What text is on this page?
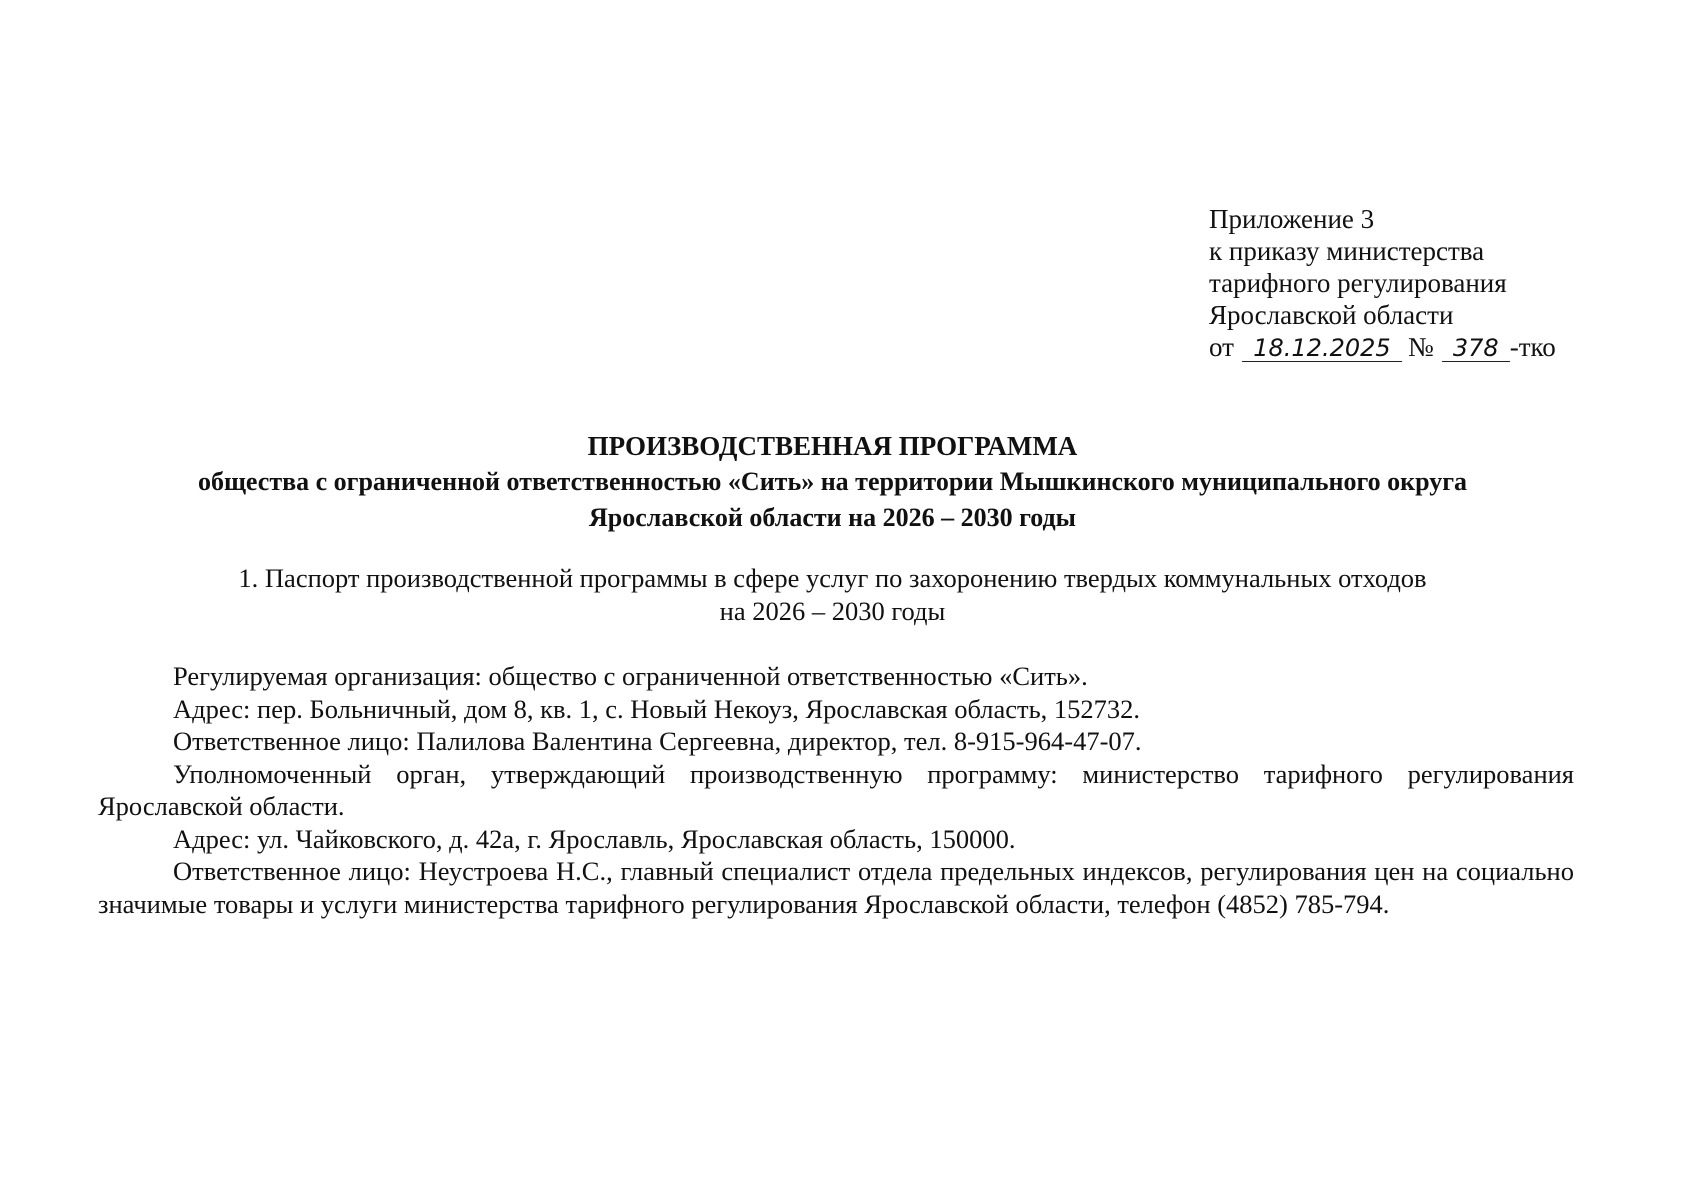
Приложение 3
к приказу министерства
тарифного регулирования
Ярославской области
от 18.12.2025 № 378 -тко
ПРОИЗВОДСТВЕННАЯ ПРОГРАММА
общества с ограниченной ответственностью «Сить» на территории Мышкинского муниципального округа
Ярославской области на 2026 – 2030 годы
1. Паспорт производственной программы в сфере услуг по захоронению твердых коммунальных отходов
на 2026 – 2030 годы
Регулируемая организация: общество с ограниченной ответственностью «Сить».
Адрес: пер. Больничный, дом 8, кв. 1, с. Новый Некоуз, Ярославская область, 152732.
Ответственное лицо: Палилова Валентина Сергеевна, директор, тел. 8-915-964-47-07.
Уполномоченный орган, утверждающий производственную программу: министерство тарифного регулирования Ярославской области.
Адрес: ул. Чайковского, д. 42а, г. Ярославль, Ярославская область, 150000.
Ответственное лицо: Неустроева Н.С., главный специалист отдела предельных индексов, регулирования цен на социально значимые товары и услуги министерства тарифного регулирования Ярославской области, телефон (4852) 785-794.
